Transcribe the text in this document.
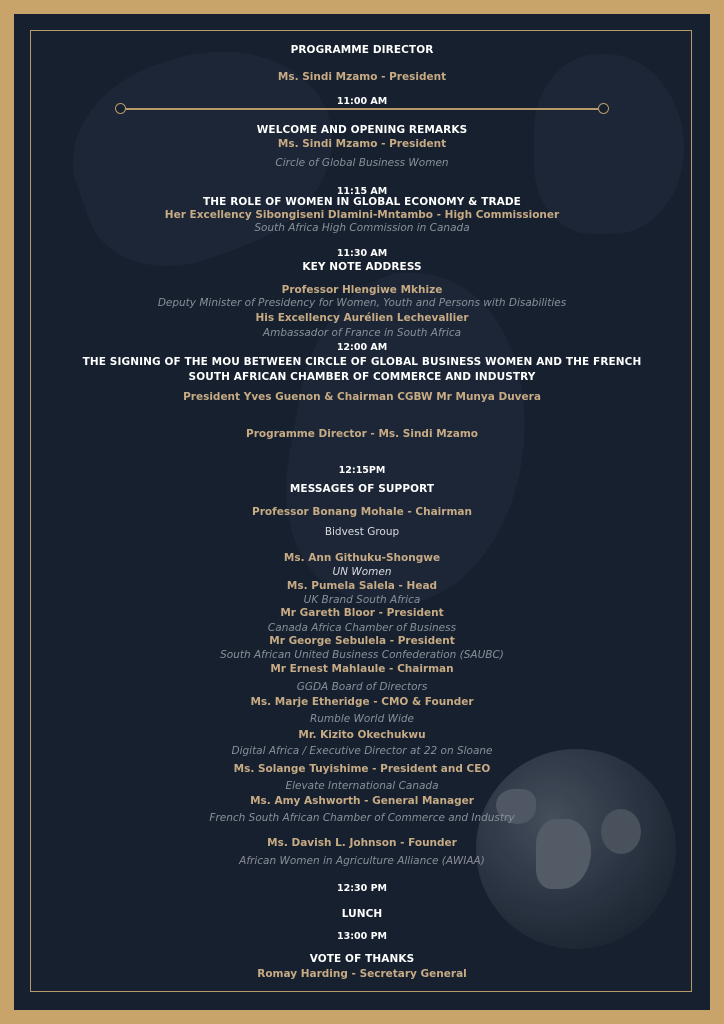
PROGRAMME DIRECTOR
Ms. Sindi Mzamo - President
11:00 AM
WELCOME AND OPENING REMARKS
Ms. Sindi Mzamo - President
Circle of Global Business Women
11:15 AM
THE ROLE OF WOMEN IN GLOBAL ECONOMY & TRADE
Her Excellency Sibongiseni Dlamini-Mntambo - High Commissioner
South Africa High Commission in Canada
11:30 AM
KEY NOTE ADDRESS
Professor Hlengiwe Mkhize
Deputy Minister of Presidency for Women, Youth and Persons with Disabilities
His Excellency Aurélien Lechevallier
Ambassador of France in South Africa
12:00 AM
THE SIGNING OF THE MOU BETWEEN CIRCLE OF GLOBAL BUSINESS WOMEN AND THE FRENCH
SOUTH AFRICAN CHAMBER OF COMMERCE AND INDUSTRY
President Yves Guenon & Chairman CGBW Mr Munya Duvera
Programme Director - Ms. Sindi Mzamo
12:15PM
MESSAGES OF SUPPORT
Professor Bonang Mohale - Chairman
Bidvest Group
Ms. Ann Githuku-Shongwe
UN Women
Ms. Pumela Salela - Head
UK Brand South Africa
Mr Gareth Bloor - President
Canada Africa Chamber of Business
Mr George Sebulela - President
South African United Business Confederation (SAUBC)
Mr Ernest Mahlaule - Chairman
GGDA Board of Directors
Ms. Marje Etheridge - CMO & Founder
Rumble World Wide
Mr. Kizito Okechukwu
Digital Africa / Executive Director at 22 on Sloane
Ms. Solange Tuyishime - President and CEO
Elevate International Canada
Ms. Amy Ashworth - General Manager
French South African Chamber of Commerce and Industry
Ms. Davish L. Johnson - Founder
African Women in Agriculture Alliance (AWIAA)
12:30 PM
LUNCH
13:00 PM
VOTE OF THANKS
Romay Harding - Secretary General
